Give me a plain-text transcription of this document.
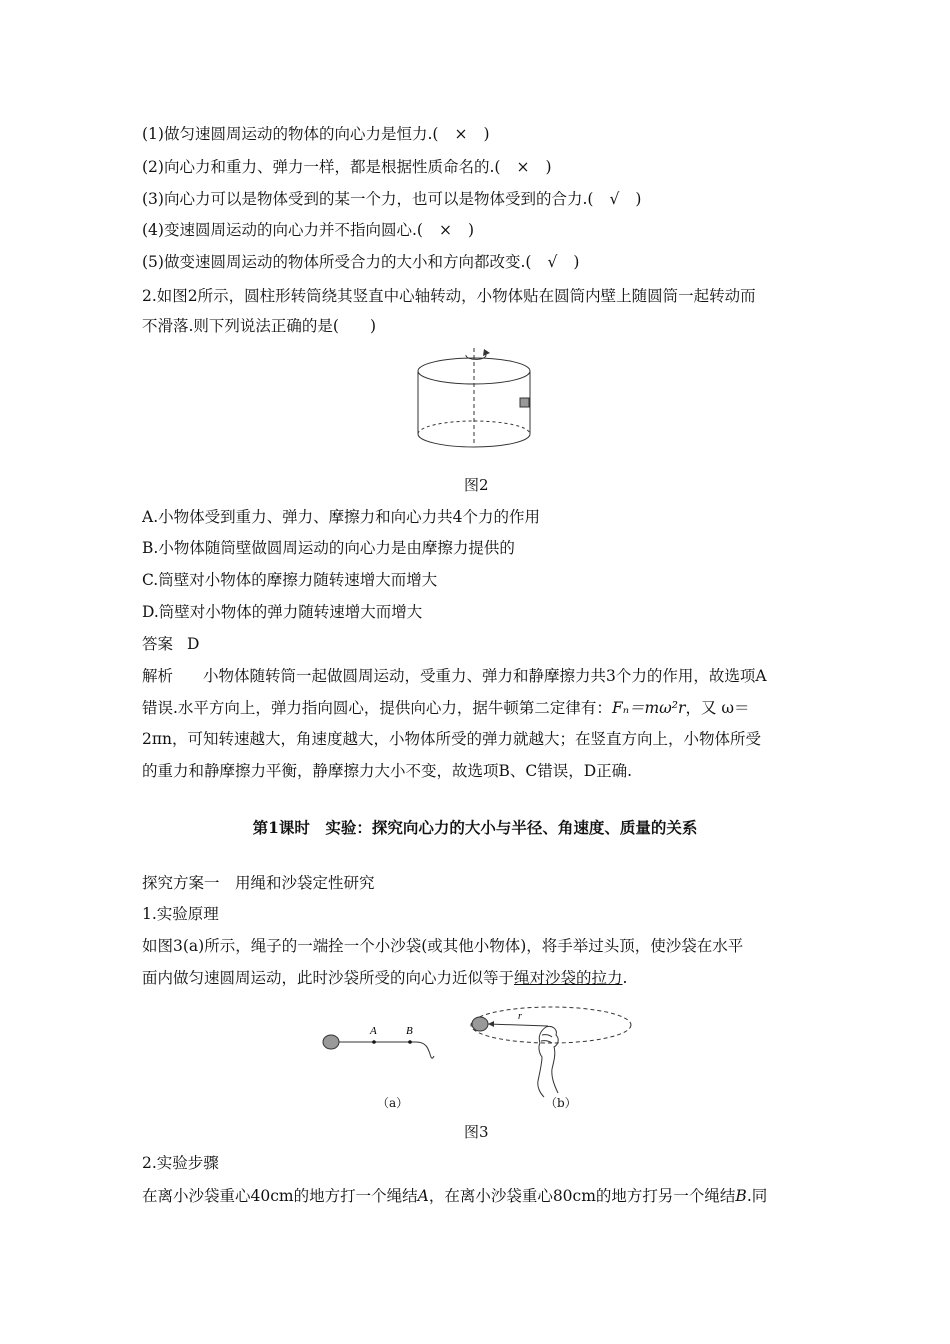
(1)做匀速圆周运动的物体的向心力是恒力.( × )
(2)向心力和重力、弹力一样，都是根据性质命名的.( × )
(3)向心力可以是物体受到的某一个力，也可以是物体受到的合力.( √ )
(4)变速圆周运动的向心力并不指向圆心.( × )
(5)做变速圆周运动的物体所受合力的大小和方向都改变.( √ )
2.如图2所示，圆柱形转筒绕其竖直中心轴转动，小物体贴在圆筒内壁上随圆筒一起转动而
不滑落.则下列说法正确的是(　　)
图2
A.小物体受到重力、弹力、摩擦力和向心力共4个力的作用
B.小物体随筒壁做圆周运动的向心力是由摩擦力提供的
C.筒壁对小物体的摩擦力随转速增大而增大
D.筒壁对小物体的弹力随转速增大而增大
答案 D
解析 小物体随转筒一起做圆周运动，受重力、弹力和静摩擦力共3个力的作用，故选项A
错误.水平方向上，弹力指向圆心，提供向心力，据牛顿第二定律有：Fₙ＝mω²r，又 ω＝
2πn，可知转速越大，角速度越大，小物体所受的弹力就越大；在竖直方向上，小物体所受
的重力和静摩擦力平衡，静摩擦力大小不变，故选项B、C错误，D正确.
第1课时　实验：探究向心力的大小与半径、角速度、质量的关系
探究方案一　用绳和沙袋定性研究
1.实验原理
如图3(a)所示，绳子的一端拴一个小沙袋(或其他小物体)，将手举过头顶，使沙袋在水平
面内做匀速圆周运动，此时沙袋所受的向心力近似等于绳对沙袋的拉力.
A	B
r
（a）	（b）
图3
2.实验步骤
在离小沙袋重心40cm的地方打一个绳结A，在离小沙袋重心80cm的地方打另一个绳结B.同
